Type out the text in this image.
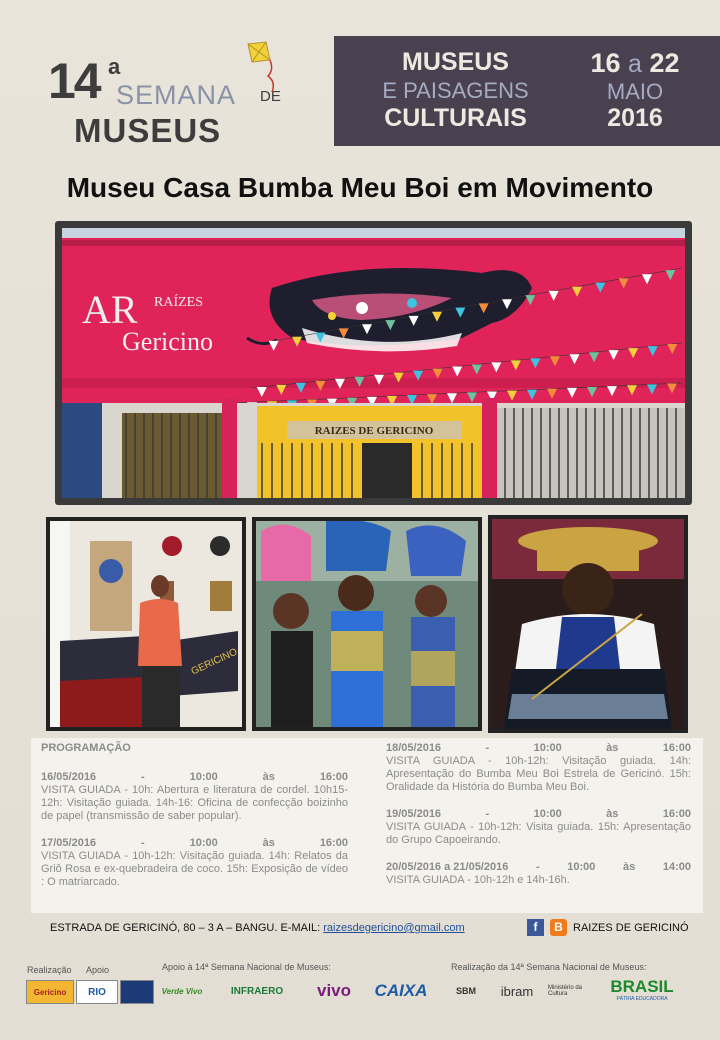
14 a
SEMANA DE
MUSEUS
MUSEUS
E PAISAGENS
CULTURAIS
16 a 22
MAIO
2016
Museu Casa Bumba Meu Boi em Movimento
AR RAÍZES
Gericino
RAIZES DE GERICINO
GERICINO
PROGRAMAÇÃO
16/05/2016	-	10:00	às	16:00
VISITA GUIADA - 10h: Abertura e literatura de cordel. 10h15-12h: Visitação guiada. 14h-16: Oficina de confecção boizinho de papel (transmissão de saber popular).
17/05/2016	-	10:00	às	16:00
VISITA GUIADA - 10h-12h: Visitação guiada. 14h: Relatos da Griô Rosa e ex-quebradeira de coco. 15h: Exposição de vídeo : O matriarcado.
18/05/2016	-	10:00	às	16:00
VISITA GUIADA - 10h-12h: Visitação guiada. 14h: Apresentação do Bumba Meu Boi Estrela de Gericinó. 15h: Oralidade da História do Bumba Meu Boi.
19/05/2016	-	10:00	às	16:00
VISITA GUIADA - 10h-12h: Visita guiada. 15h: Apresentação do Grupo Capoeirando.
20/05/2016 a 21/05/2016	-	10:00	às	14:00
VISITA GUIADA - 10h-12h e 14h-16h.
ESTRADA DE GERICINÓ, 80 – 3 A – BANGU. E-MAIL: raizesdegericino@gmail.com	f	B RAIZES DE GERICINÓ
Realização Apoio	Apoio à 14ª Semana Nacional de Museus:	Realização da 14ª Semana Nacional de Museus:
Gericino	RIO	Verde Vivo	INFRAERO	vivo	CAIXA	SBM	ibram	Ministério da Cultura	BRASIL
PÁTRIA EDUCADORA
